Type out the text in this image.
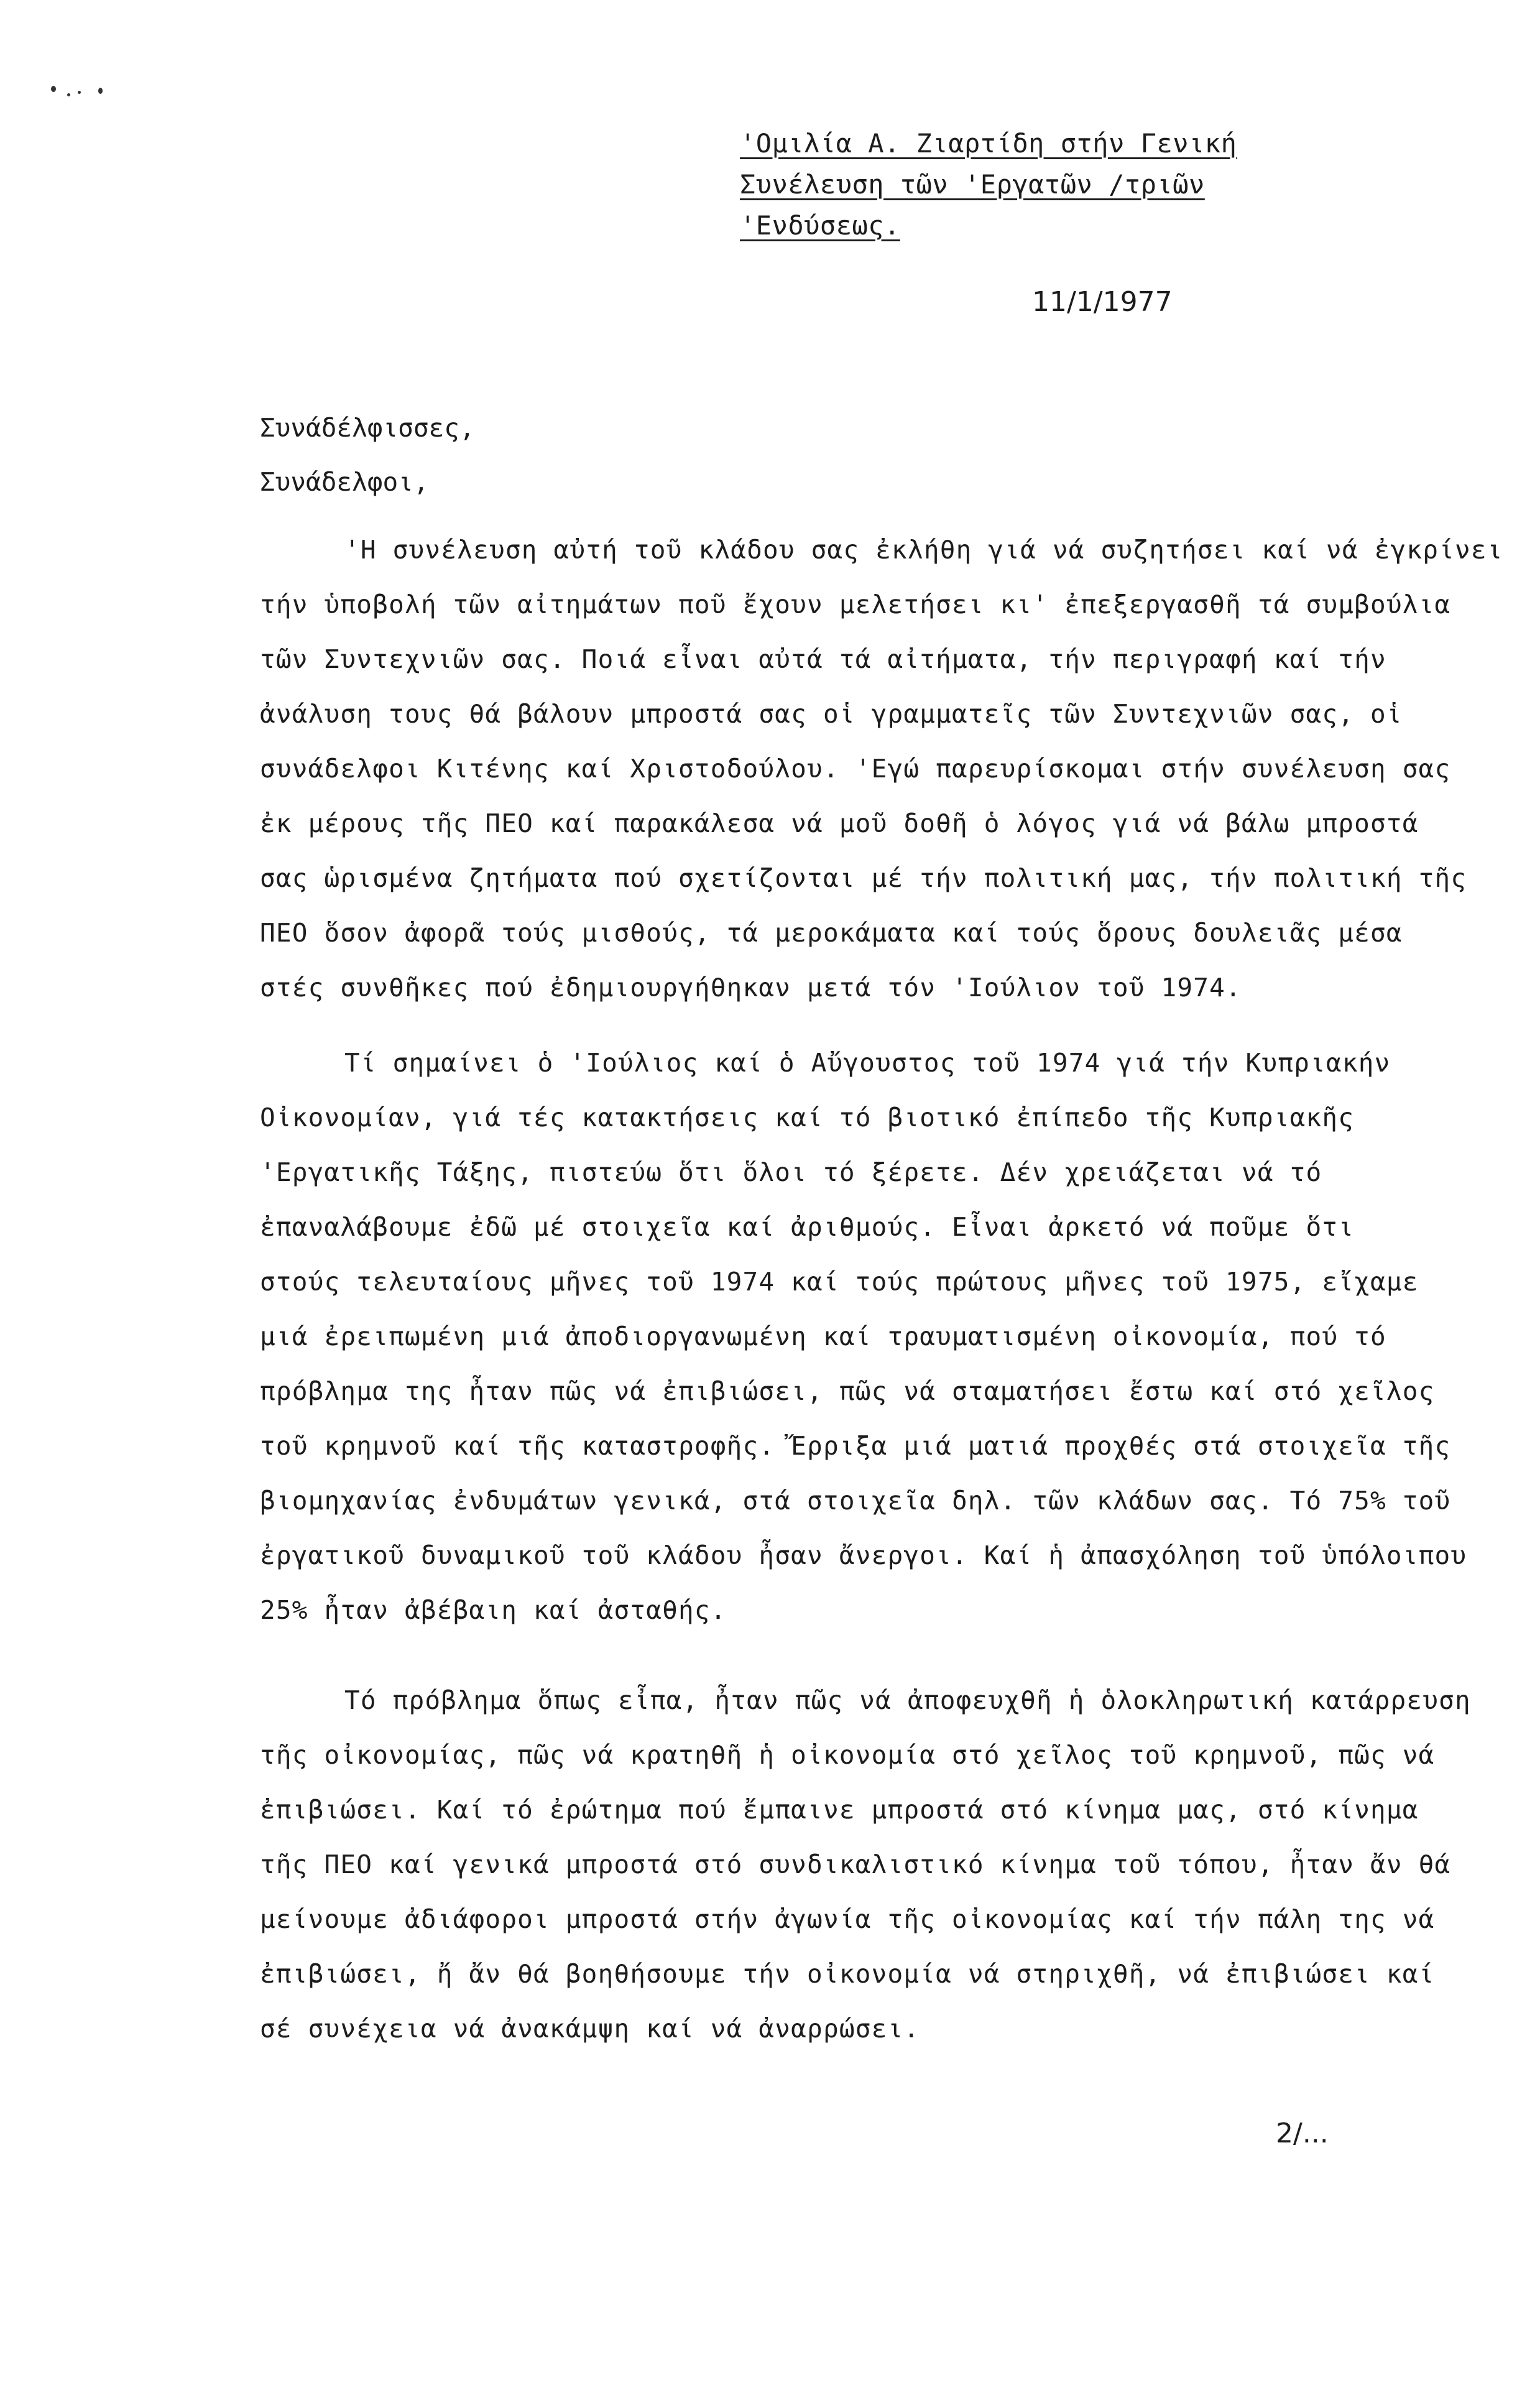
'Ομιλία Α. Ζιαρτίδη στήν Γενική
Συνέλευση τῶν 'Εργατῶν /τριῶν
'Ενδύσεως.
11/1/1977
Συνάδέλφισσες,
Συνάδελφοι,
'Η συνέλευση αὐτή τοῦ κλάδου σας ἐκλήθη γιά νά συζητήσει καί νά ἐγκρίνει
τήν ὑποβολή τῶν αἰτημάτων ποῦ ἔχουν μελετήσει κι' ἐπεξεργασθῆ τά συμβούλια
τῶν Συντεχνιῶν σας. Ποιά εἶναι αὐτά τά αἰτήματα, τήν περιγραφή καί τήν
ἀνάλυση τους θά βάλουν μπροστά σας οἱ γραμματεῖς τῶν Συντεχνιῶν σας, οἱ
συνάδελφοι Κιτένης καί Χριστοδούλου. 'Εγώ παρευρίσκομαι στήν συνέλευση σας
ἐκ μέρους τῆς ΠΕΟ καί παρακάλεσα νά μοῦ δοθῆ ὁ λόγος γιά νά βάλω μπροστά
σας ὡρισμένα ζητήματα πού σχετίζονται μέ τήν πολιτική μας, τήν πολιτική τῆς
ΠΕΟ ὅσον ἀφορᾶ τούς μισθούς, τά μεροκάματα καί τούς ὅρους δουλειᾶς μέσα
στές συνθῆκες πού ἐδημιουργήθηκαν μετά τόν 'Ιούλιον τοῦ 1974.
Τί σημαίνει ὁ 'Ιούλιος καί ὁ Αὔγουστος τοῦ 1974 γιά τήν Κυπριακήν
Οἰκονομίαν, γιά τές κατακτήσεις καί τό βιοτικό ἐπίπεδο τῆς Κυπριακῆς
'Εργατικῆς Τάξης, πιστεύω ὅτι ὅλοι τό ξέρετε. Δέν χρειάζεται νά τό
ἐπαναλάβουμε ἐδῶ μέ στοιχεῖα καί ἀριθμούς. Εἶναι ἀρκετό νά ποῦμε ὅτι
στούς τελευταίους μῆνες τοῦ 1974 καί τούς πρώτους μῆνες τοῦ 1975, εἴχαμε
μιά ἐρειπωμένη μιά ἀποδιοργανωμένη καί τραυματισμένη οἰκονομία, πού τό
πρόβλημα της ἦταν πῶς νά ἐπιβιώσει, πῶς νά σταματήσει ἔστω καί στό χεῖλος
τοῦ κρημνοῦ καί τῆς καταστροφῆς. Ἔρριξα μιά ματιά προχθές στά στοιχεῖα τῆς
βιομηχανίας ἐνδυμάτων γενικά, στά στοιχεῖα δηλ. τῶν κλάδων σας. Τό 75% τοῦ
ἐργατικοῦ δυναμικοῦ τοῦ κλάδου ἦσαν ἄνεργοι. Καί ἡ ἀπασχόληση τοῦ ὑπόλοιπου
25% ἦταν ἀβέβαιη καί ἀσταθής.
Τό πρόβλημα ὅπως εἶπα, ἦταν πῶς νά ἀποφευχθῆ ἡ ὁλοκληρωτική κατάρρευση
τῆς οἰκονομίας, πῶς νά κρατηθῆ ἡ οἰκονομία στό χεῖλος τοῦ κρημνοῦ, πῶς νά
ἐπιβιώσει. Καί τό ἐρώτημα πού ἔμπαινε μπροστά στό κίνημα μας, στό κίνημα
τῆς ΠΕΟ καί γενικά μπροστά στό συνδικαλιστικό κίνημα τοῦ τόπου, ἦταν ἄν θά
μείνουμε ἀδιάφοροι μπροστά στήν ἀγωνία τῆς οἰκονομίας καί τήν πάλη της νά
ἐπιβιώσει, ἤ ἄν θά βοηθήσουμε τήν οἰκονομία νά στηριχθῆ, νά ἐπιβιώσει καί
σέ συνέχεια νά ἀνακάμψη καί νά ἀναρρώσει.
2/...
